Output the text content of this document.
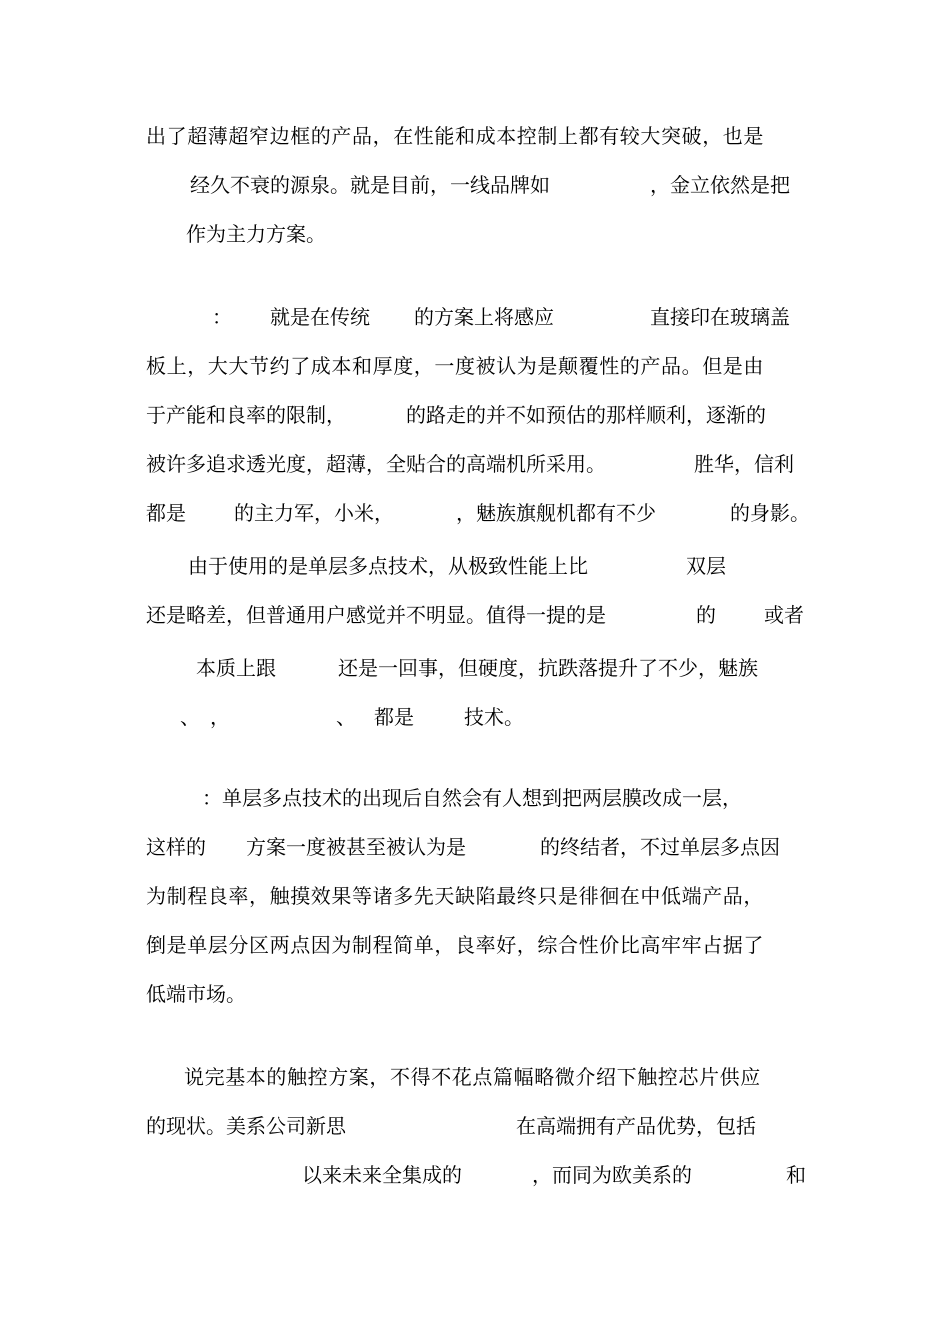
出了超薄超窄边框的产品，在性能和成本控制上都有较大突破，也是
经久不衰的源泉。就是目前，一线品牌如	，金立依然是把
作为主力方案。
： 就是在传统 的方案上将感应	直接印在玻璃盖
板上，大大节约了成本和厚度，一度被认为是颠覆性的产品。但是由
于产能和良率的限制，	的路走的并不如预估的那样顺利，逐渐的
被许多追求透光度，超薄，全贴合的高端机所采用。	胜华，信利
都是 的主力军，小米，	，魅族旗舰机都有不少	的身影。
由于使用的是单层多点技术，从极致性能上比	双层
还是略差，但普通用户感觉并不明显。值得一提的是	的 或者
本质上跟	还是一回事，但硬度，抗跌落提升了不少，魅族
、 ，	、 都是	技术。
：单层多点技术的出现后自然会有人想到把两层膜改成一层，
这样的 方案一度被甚至被认为是	的终结者，不过单层多点因
为制程良率，触摸效果等诸多先天缺陷最终只是徘徊在中低端产品，
倒是单层分区两点因为制程简单，良率好，综合性价比高牢牢占据了
低端市场。
说完基本的触控方案，不得不花点篇幅略微介绍下触控芯片供应
的现状。美系公司新思	在高端拥有产品优势，包括
以来未来全集成的	，而同为欧美系的	和
